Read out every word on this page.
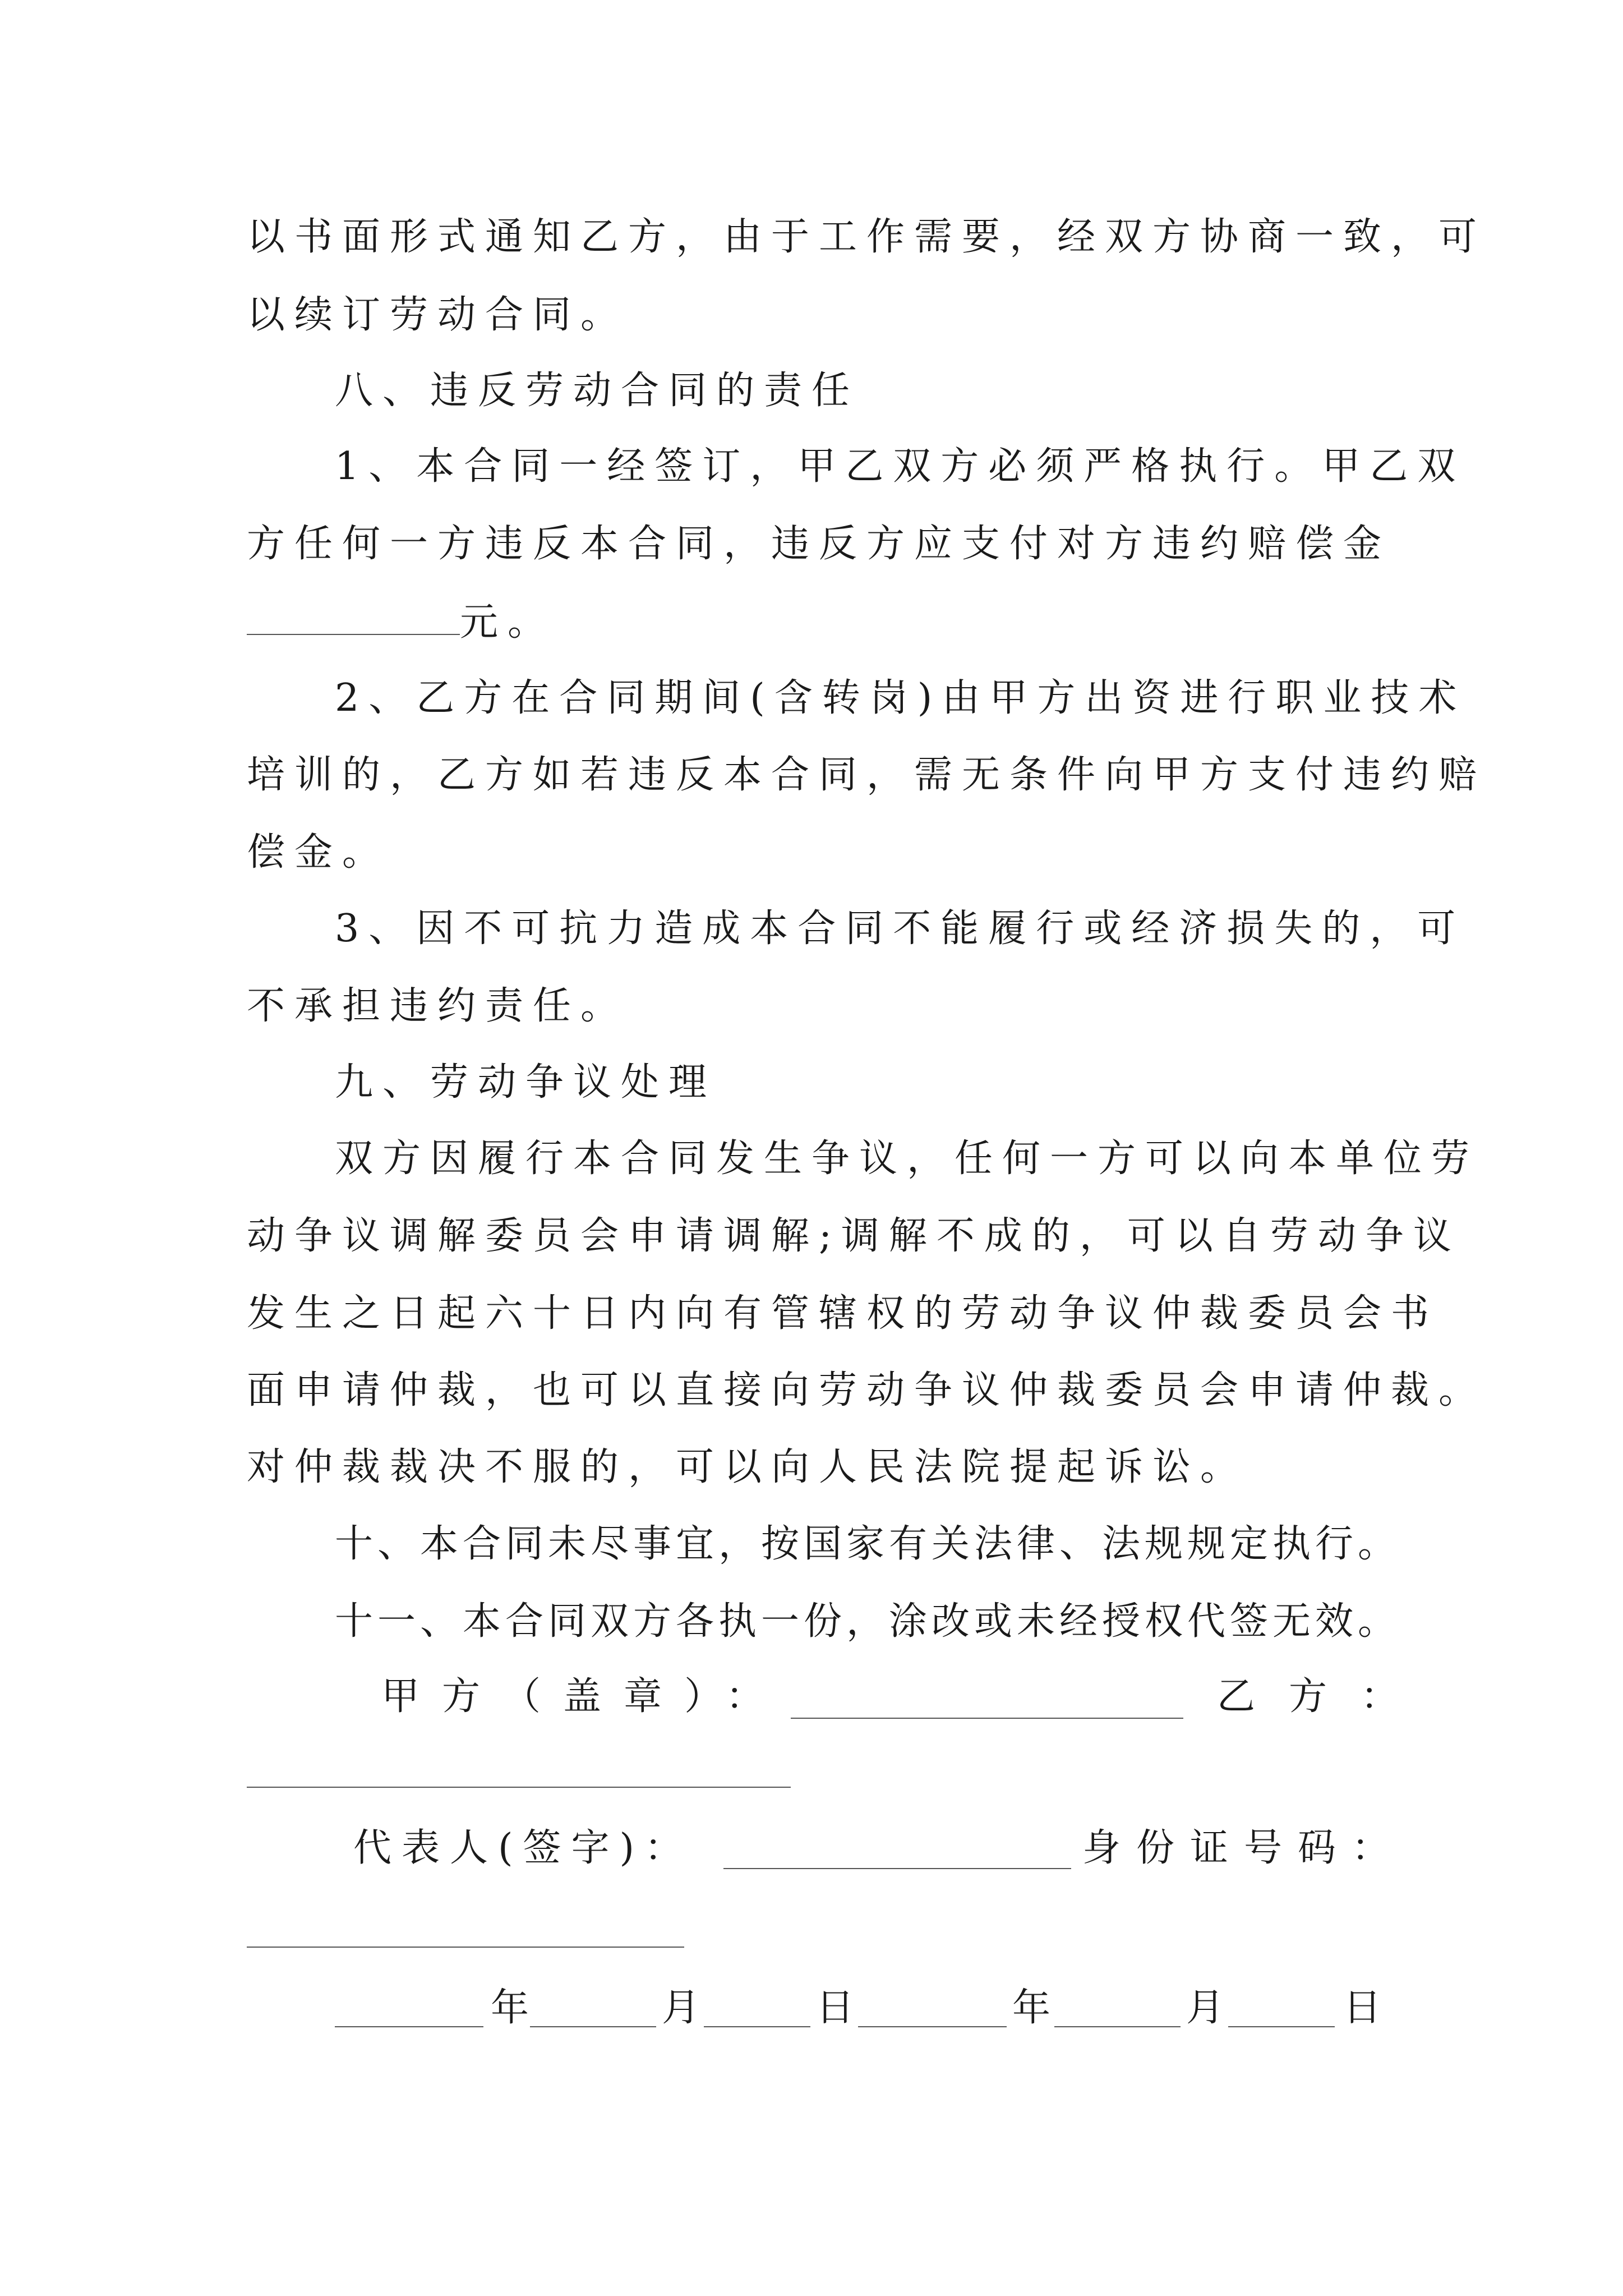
以书面形式通知乙方，由于工作需要，经双方协商一致，可
以续订劳动合同。
八、违反劳动合同的责任
1、本合同一经签订，甲乙双方必须严格执行。甲乙双
方任何一方违反本合同，违反方应支付对方违约赔偿金
元。
2、乙方在合同期间(含转岗)由甲方出资进行职业技术
培训的，乙方如若违反本合同，需无条件向甲方支付违约赔
偿金。
3、因不可抗力造成本合同不能履行或经济损失的，可
不承担违约责任。
九、劳动争议处理
双方因履行本合同发生争议，任何一方可以向本单位劳
动争议调解委员会申请调解;调解不成的，可以自劳动争议
发生之日起六十日内向有管辖权的劳动争议仲裁委员会书
面申请仲裁，也可以直接向劳动争议仲裁委员会申请仲裁。
对仲裁裁决不服的，可以向人民法院提起诉讼。
十、本合同未尽事宜，按国家有关法律、法规规定执行。
十一、本合同双方各执一份，涂改或未经授权代签无效。
甲方（盖章）：	乙方：
代表人(签字)：	身份证号码：
年	月	日	年	月	日
